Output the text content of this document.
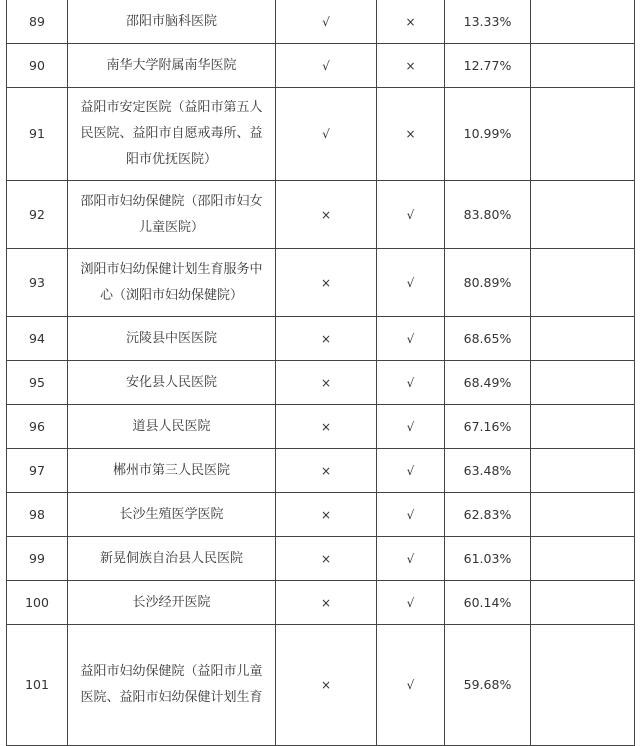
89	邵阳市脑科医院	√	×	13.33%	
90	南华大学附属南华医院	√	×	12.77%	
91	益阳市安定医院（益阳市第五人民医院、益阳市自愿戒毒所、益阳市优抚医院）	√	×	10.99%	
92	邵阳市妇幼保健院（邵阳市妇女儿童医院）	×	√	83.80%	
93	浏阳市妇幼保健计划生育服务中心（浏阳市妇幼保健院）	×	√	80.89%	
94	沅陵县中医医院	×	√	68.65%	
95	安化县人民医院	×	√	68.49%	
96	道县人民医院	×	√	67.16%	
97	郴州市第三人民医院	×	√	63.48%	
98	长沙生殖医学医院	×	√	62.83%	
99	新晃侗族自治县人民医院	×	√	61.03%	
100	长沙经开医院	×	√	60.14%	
101	益阳市妇幼保健院（益阳市儿童医院、益阳市妇幼保健计划生育	×	√	59.68%	
